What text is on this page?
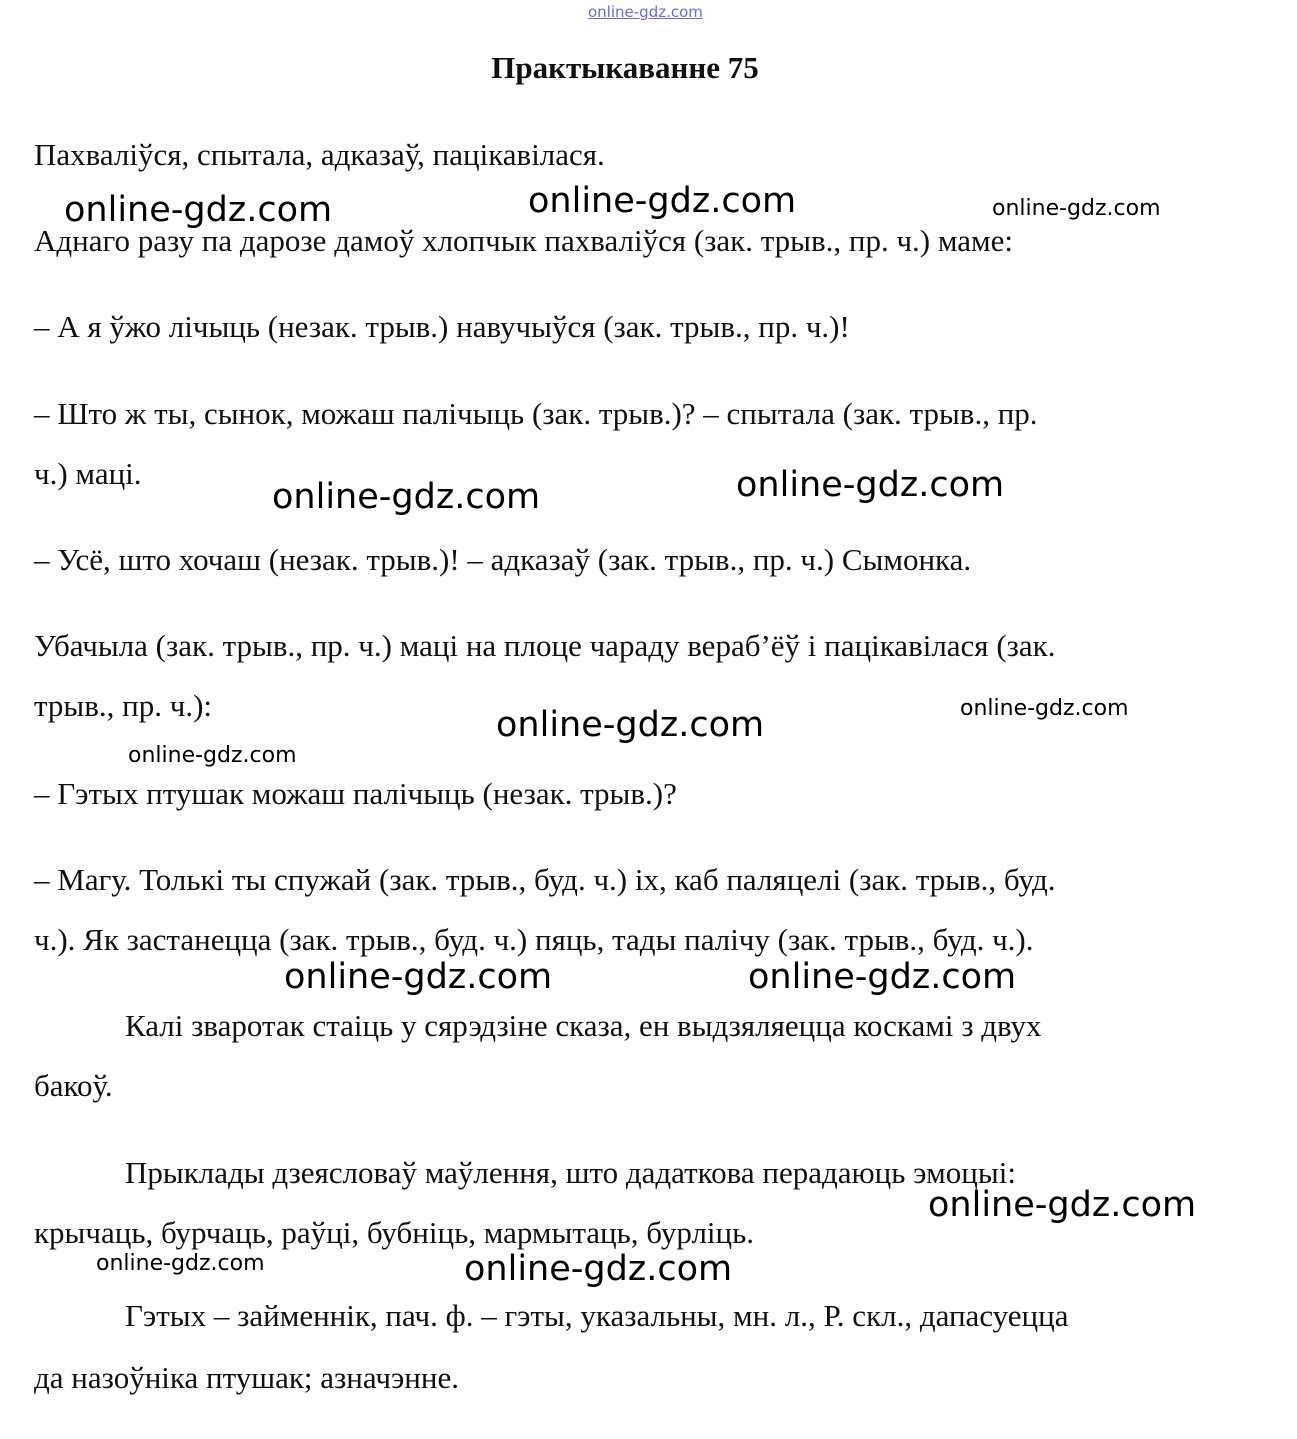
online-gdz.com
Практыкаванне 75
Пахваліўся, спытала, адказаў, пацікавілася.
Аднаго разу па дарозе дамоў хлопчык пахваліўся (зак. трыв., пр. ч.) маме:
– А я ўжо лічыць (незак. трыв.) навучыўся (зак. трыв., пр. ч.)!
– Што ж ты, сынок, можаш палічыць (зак. трыв.)? – спытала (зак. трыв., пр.
ч.) маці.
– Усё, што хочаш (незак. трыв.)! – адказаў (зак. трыв., пр. ч.) Сымонка.
Убачыла (зак. трыв., пр. ч.) маці на плоце чараду вераб’ёў і пацікавілася (зак.
трыв., пр. ч.):
– Гэтых птушак можаш палічыць (незак. трыв.)?
– Магу. Толькі ты спужай (зак. трыв., буд. ч.) іх, каб паляцелі (зак. трыв., буд.
ч.). Як застанецца (зак. трыв., буд. ч.) пяць, тады палічу (зак. трыв., буд. ч.).
Калі зваротак стаіць у сярэдзіне сказа, ен выдзяляецца коскамі з двух
бакоў.
Прыклады дзеясловаў маўлення, што дадаткова перадаюць эмоцыі:
крычаць, бурчаць, раўці, бубніць, мармытаць, бурліць.
Гэтых – займеннік, пач. ф. – гэты, указальны, мн. л., Р. скл., дапасуецца
да назоўніка птушак; азначэнне.
online-gdz.com	online-gdz.com	online-gdz.com
online-gdz.com	online-gdz.com
online-gdz.com
online-gdz.com
online-gdz.com
online-gdz.com	online-gdz.com
online-gdz.com
online-gdz.com	online-gdz.com
